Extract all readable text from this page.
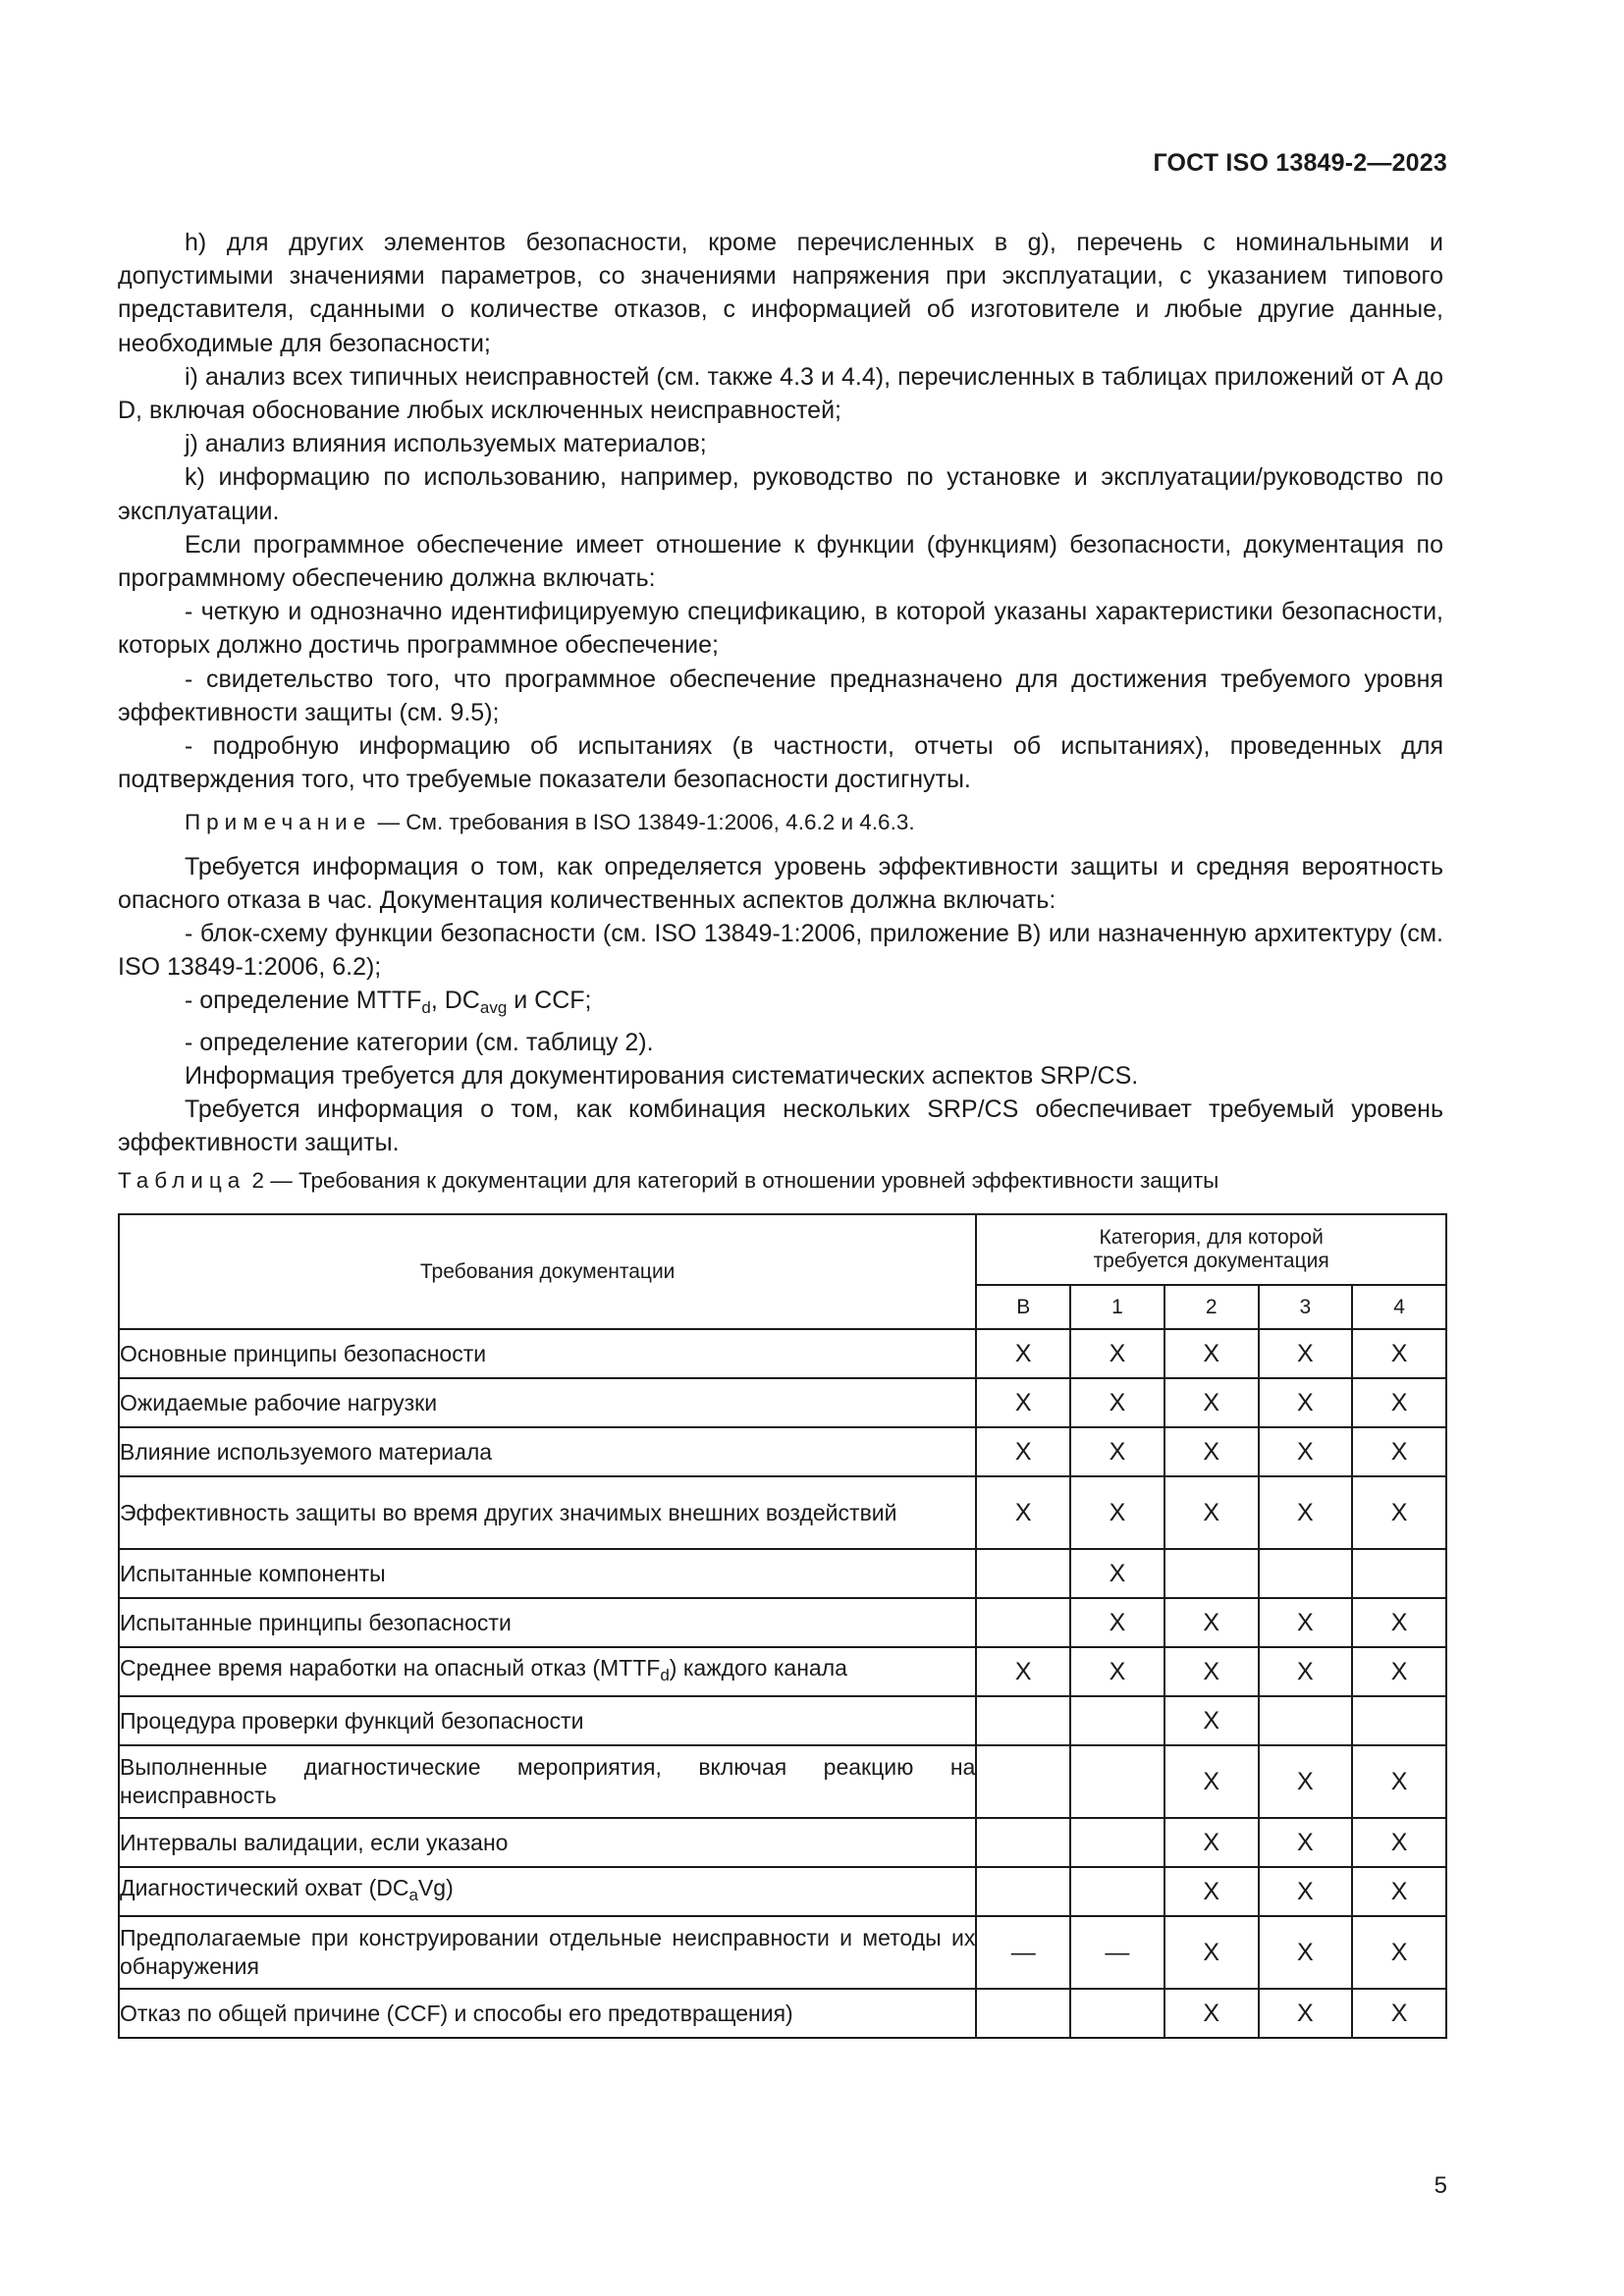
ГОСТ ISO 13849-2—2023

h) для других элементов безопасности, кроме перечисленных в g), перечень с номинальными и допустимыми значениями параметров, со значениями напряжения при эксплуатации, с указанием типового представителя, сданными о количестве отказов, с информацией об изготовителе и любые другие данные, необходимые для безопасности;

i) анализ всех типичных неисправностей (см. также 4.3 и 4.4), перечисленных в таблицах приложений от А до D, включая обоснование любых исключенных неисправностей;

j) анализ влияния используемых материалов;

k) информацию по использованию, например, руководство по установке и эксплуатации/руководство по эксплуатации.

Если программное обеспечение имеет отношение к функции (функциям) безопасности, документация по программному обеспечению должна включать:

- четкую и однозначно идентифицируемую спецификацию, в которой указаны характеристики безопасности, которых должно достичь программное обеспечение;

- свидетельство того, что программное обеспечение предназначено для достижения требуемого уровня эффективности защиты (см. 9.5);

- подробную информацию об испытаниях (в частности, отчеты об испытаниях), проведенных для подтверждения того, что требуемые показатели безопасности достигнуты.

Примечание — См. требования в ISO 13849-1:2006, 4.6.2 и 4.6.3.

Требуется информация о том, как определяется уровень эффективности защиты и средняя вероятность опасного отказа в час. Документация количественных аспектов должна включать:

- блок-схему функции безопасности (см. ISO 13849-1:2006, приложение В) или назначенную архитектуру (см. ISO 13849-1:2006, 6.2);

- определение $MTTF_d$, $DC_{avg}$ и CCF;

- определение категории (см. таблицу 2).

Информация требуется для документирования систематических аспектов SRP/CS.

Требуется информация о том, как комбинация нескольких SRP/CS обеспечивает требуемый уровень эффективности защиты.

Таблица 2 — Требования к документации для категорий в отношении уровней эффективности защиты
Требования документации	Категория, для которой требуется документация				

	B	1	2	3	4
Основные принципы безопасности	X	X	X	X	X
Ожидаемые рабочие нагрузки	X	X	X	X	X
Влияние используемого материала	X	X	X	X	X
Эффективность защиты во время других значимых внешних воздействий	X	X	X	X	X
Испытанные компоненты		X			
Испытанные принципы безопасности		X	X	X	X
Среднее время наработки на опасный отказ $(MTTF_d)$ каждого канала	X	X	X	X	X
Процедура проверки функций безопасности			X		
Выполненные диагностические мероприятия, включая реакцию на неисправность			X	X	X
Интервалы валидации, если указано			X	X	X
Диагностический охват $(DC_aVg)$			X	X	X
Предполагаемые при конструировании отдельные неисправности и методы их обнаружения	—	—	X	X	X
Отказ по общей причине (CCF) и способы его предотвращения)			X	X	X
5
